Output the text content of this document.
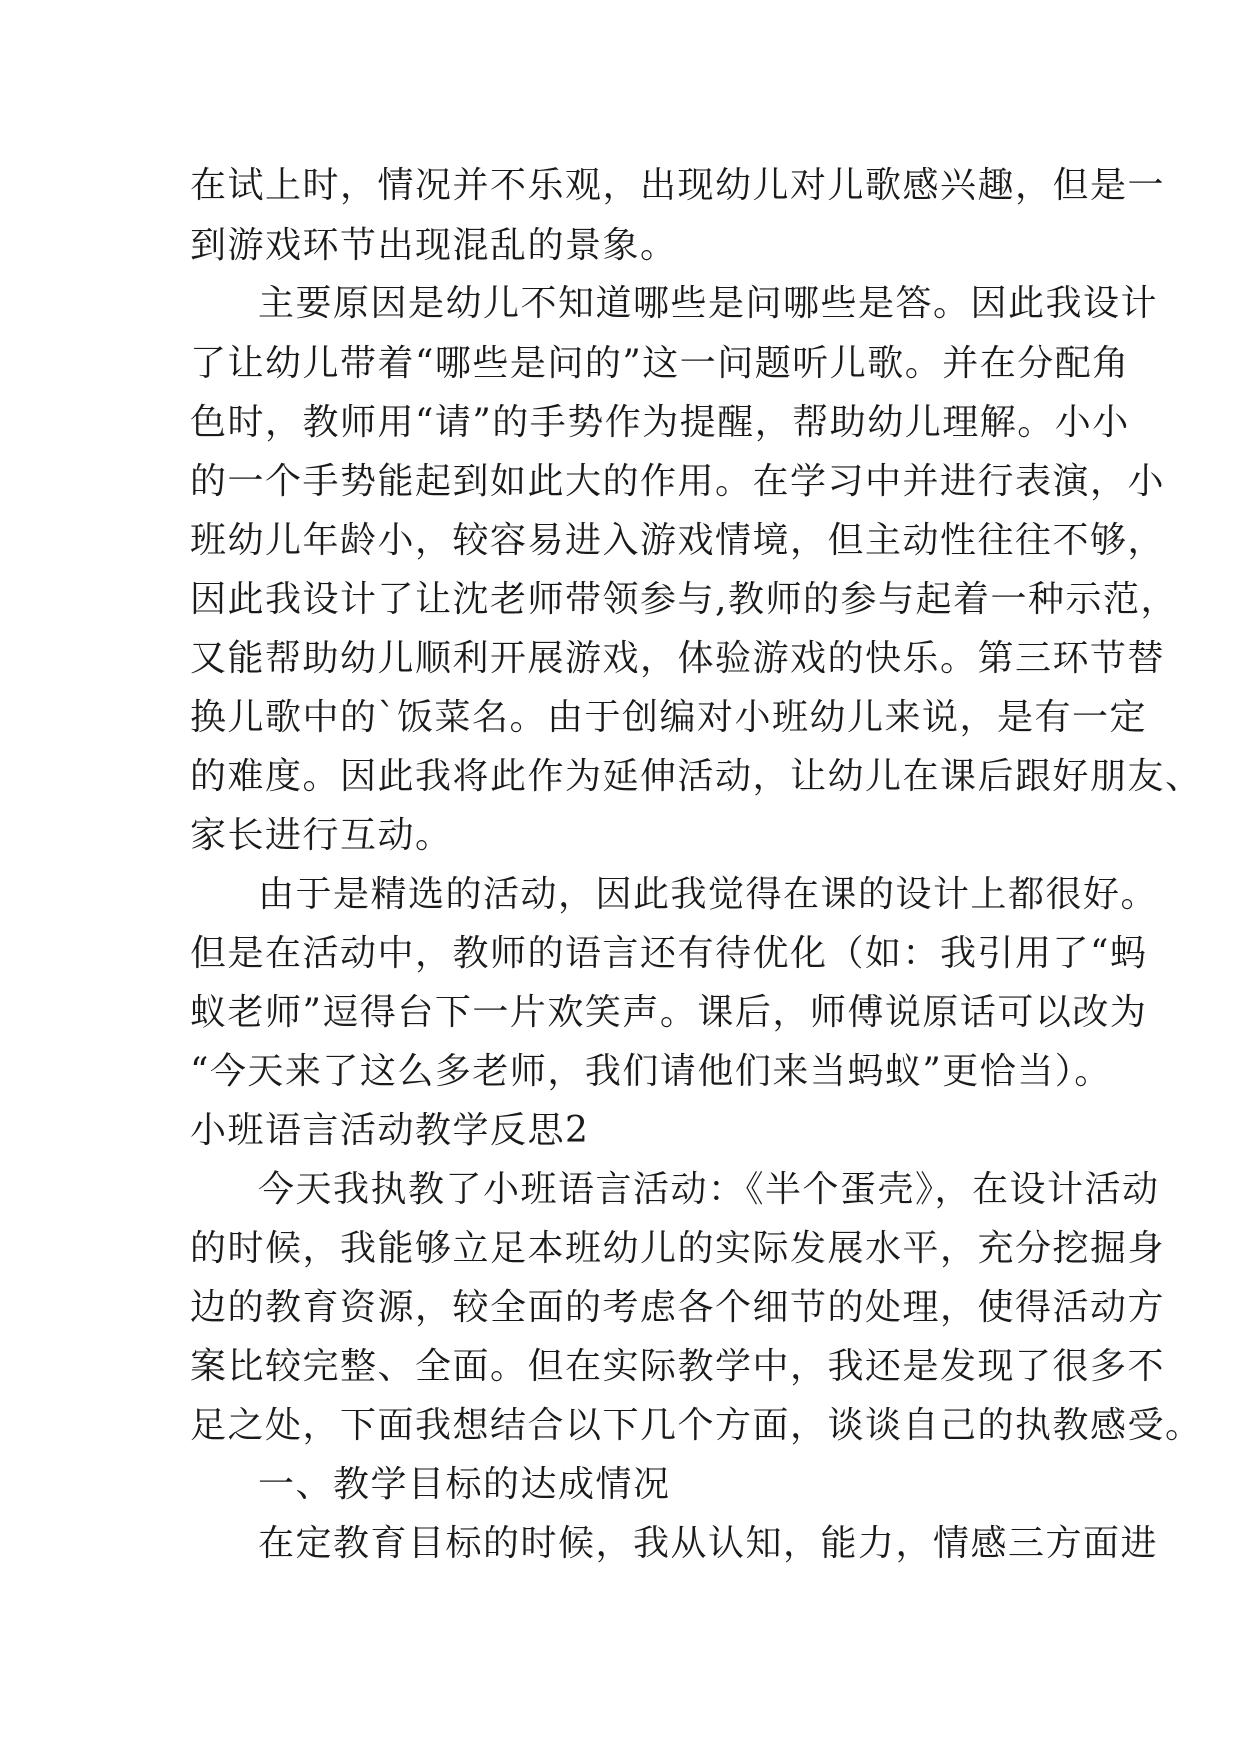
在试上时，情况并不乐观，出现幼儿对儿歌感兴趣，但是一
到游戏环节出现混乱的景象。
主要原因是幼儿不知道哪些是问哪些是答。因此我设计
了让幼儿带着“哪些是问的”这一问题听儿歌。并在分配角
色时，教师用“请”的手势作为提醒，帮助幼儿理解。小小
的一个手势能起到如此大的作用。在学习中并进行表演，小
班幼儿年龄小，较容易进入游戏情境，但主动性往往不够，
因此我设计了让沈老师带领参与,教师的参与起着一种示范，
又能帮助幼儿顺利开展游戏，体验游戏的快乐。第三环节替
换儿歌中的`饭菜名。由于创编对小班幼儿来说，是有一定
的难度。因此我将此作为延伸活动，让幼儿在课后跟好朋友、
家长进行互动。
由于是精选的活动，因此我觉得在课的设计上都很好。
但是在活动中，教师的语言还有待优化（如：我引用了“蚂
蚁老师”逗得台下一片欢笑声。课后，师傅说原话可以改为
“今天来了这么多老师，我们请他们来当蚂蚁”更恰当）。
小班语言活动教学反思2
今天我执教了小班语言活动：《半个蛋壳》，在设计活动
的时候，我能够立足本班幼儿的实际发展水平，充分挖掘身
边的教育资源，较全面的考虑各个细节的处理，使得活动方
案比较完整、全面。但在实际教学中，我还是发现了很多不
足之处，下面我想结合以下几个方面，谈谈自己的执教感受。
一、教学目标的达成情况
在定教育目标的时候，我从认知，能力，情感三方面进
